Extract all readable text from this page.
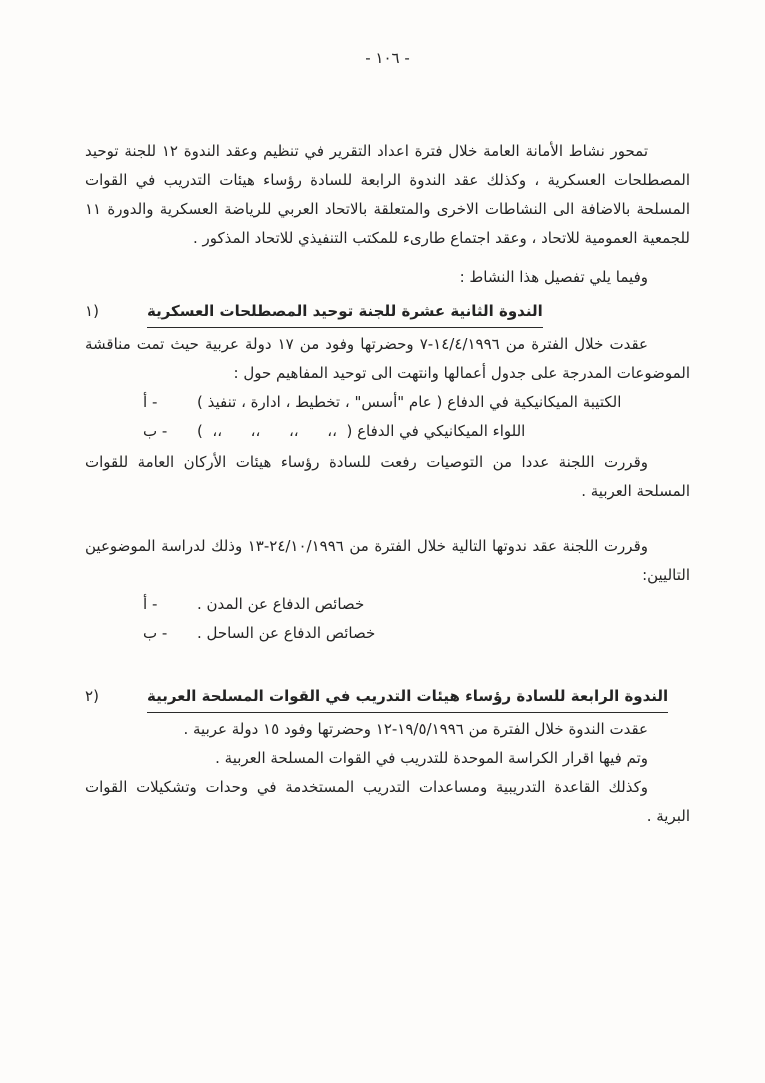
- ١٠٦ -

تمحور نشاط الأمانة العامة خلال فترة اعداد التقرير في تنظيم وعقد الندوة ١٢ للجنة توحيد المصطلحات العسكرية ، وكذلك عقد الندوة الرابعة للسادة رؤساء هيئات التدريب في القوات المسلحة بالاضافة الى النشاطات الاخرى والمتعلقة بالاتحاد العربي للرياضة العسكرية والدورة ١١ للجمعية العمومية للاتحاد ، وعقد اجتماع طارىء للمكتب التنفيذي للاتحاد المذكور .

وفيما يلي تفصيل هذا النشاط :

١)	الندوة الثانية عشرة للجنة توحيد المصطلحات العسكرية

عقدت خلال الفترة من ‭٧-١٤/٤/١٩٩٦‬ وحضرتها وفود من ١٧ دولة عربية حيث تمت مناقشة الموضوعات المدرجة على جدول أعمالها وانتهت الى توحيد المفاهيم حول :

أ -	الكتيبة الميكانيكية في الدفاع ( عام "أسس" ، تخطيط ، ادارة ، تنفيذ )
ب -	اللواء الميكانيكي في الدفاع (  ،،      ،،      ،،      ،،  )

وقررت اللجنة عددا من التوصيات رفعت للسادة رؤساء هيئات الأركان العامة للقوات المسلحة العربية .

وقررت اللجنة عقد ندوتها التالية خلال الفترة من ‭١٣-٢٤/١٠/١٩٩٦‬ وذلك لدراسة الموضوعين التاليين:

أ -	خصائص الدفاع عن المدن .
ب -	خصائص الدفاع عن الساحل .
٢)	الندوة الرابعة للسادة رؤساء هيئات التدريب في القوات المسلحة العربية

عقدت الندوة خلال الفترة من ‭١٢-١٩/٥/١٩٩٦‬ وحضرتها وفود ١٥ دولة عربية .

وتم فيها اقرار الكراسة الموحدة للتدريب في القوات المسلحة العربية .

وكذلك القاعدة التدريبية ومساعدات التدريب المستخدمة في وحدات وتشكيلات القوات البرية .
